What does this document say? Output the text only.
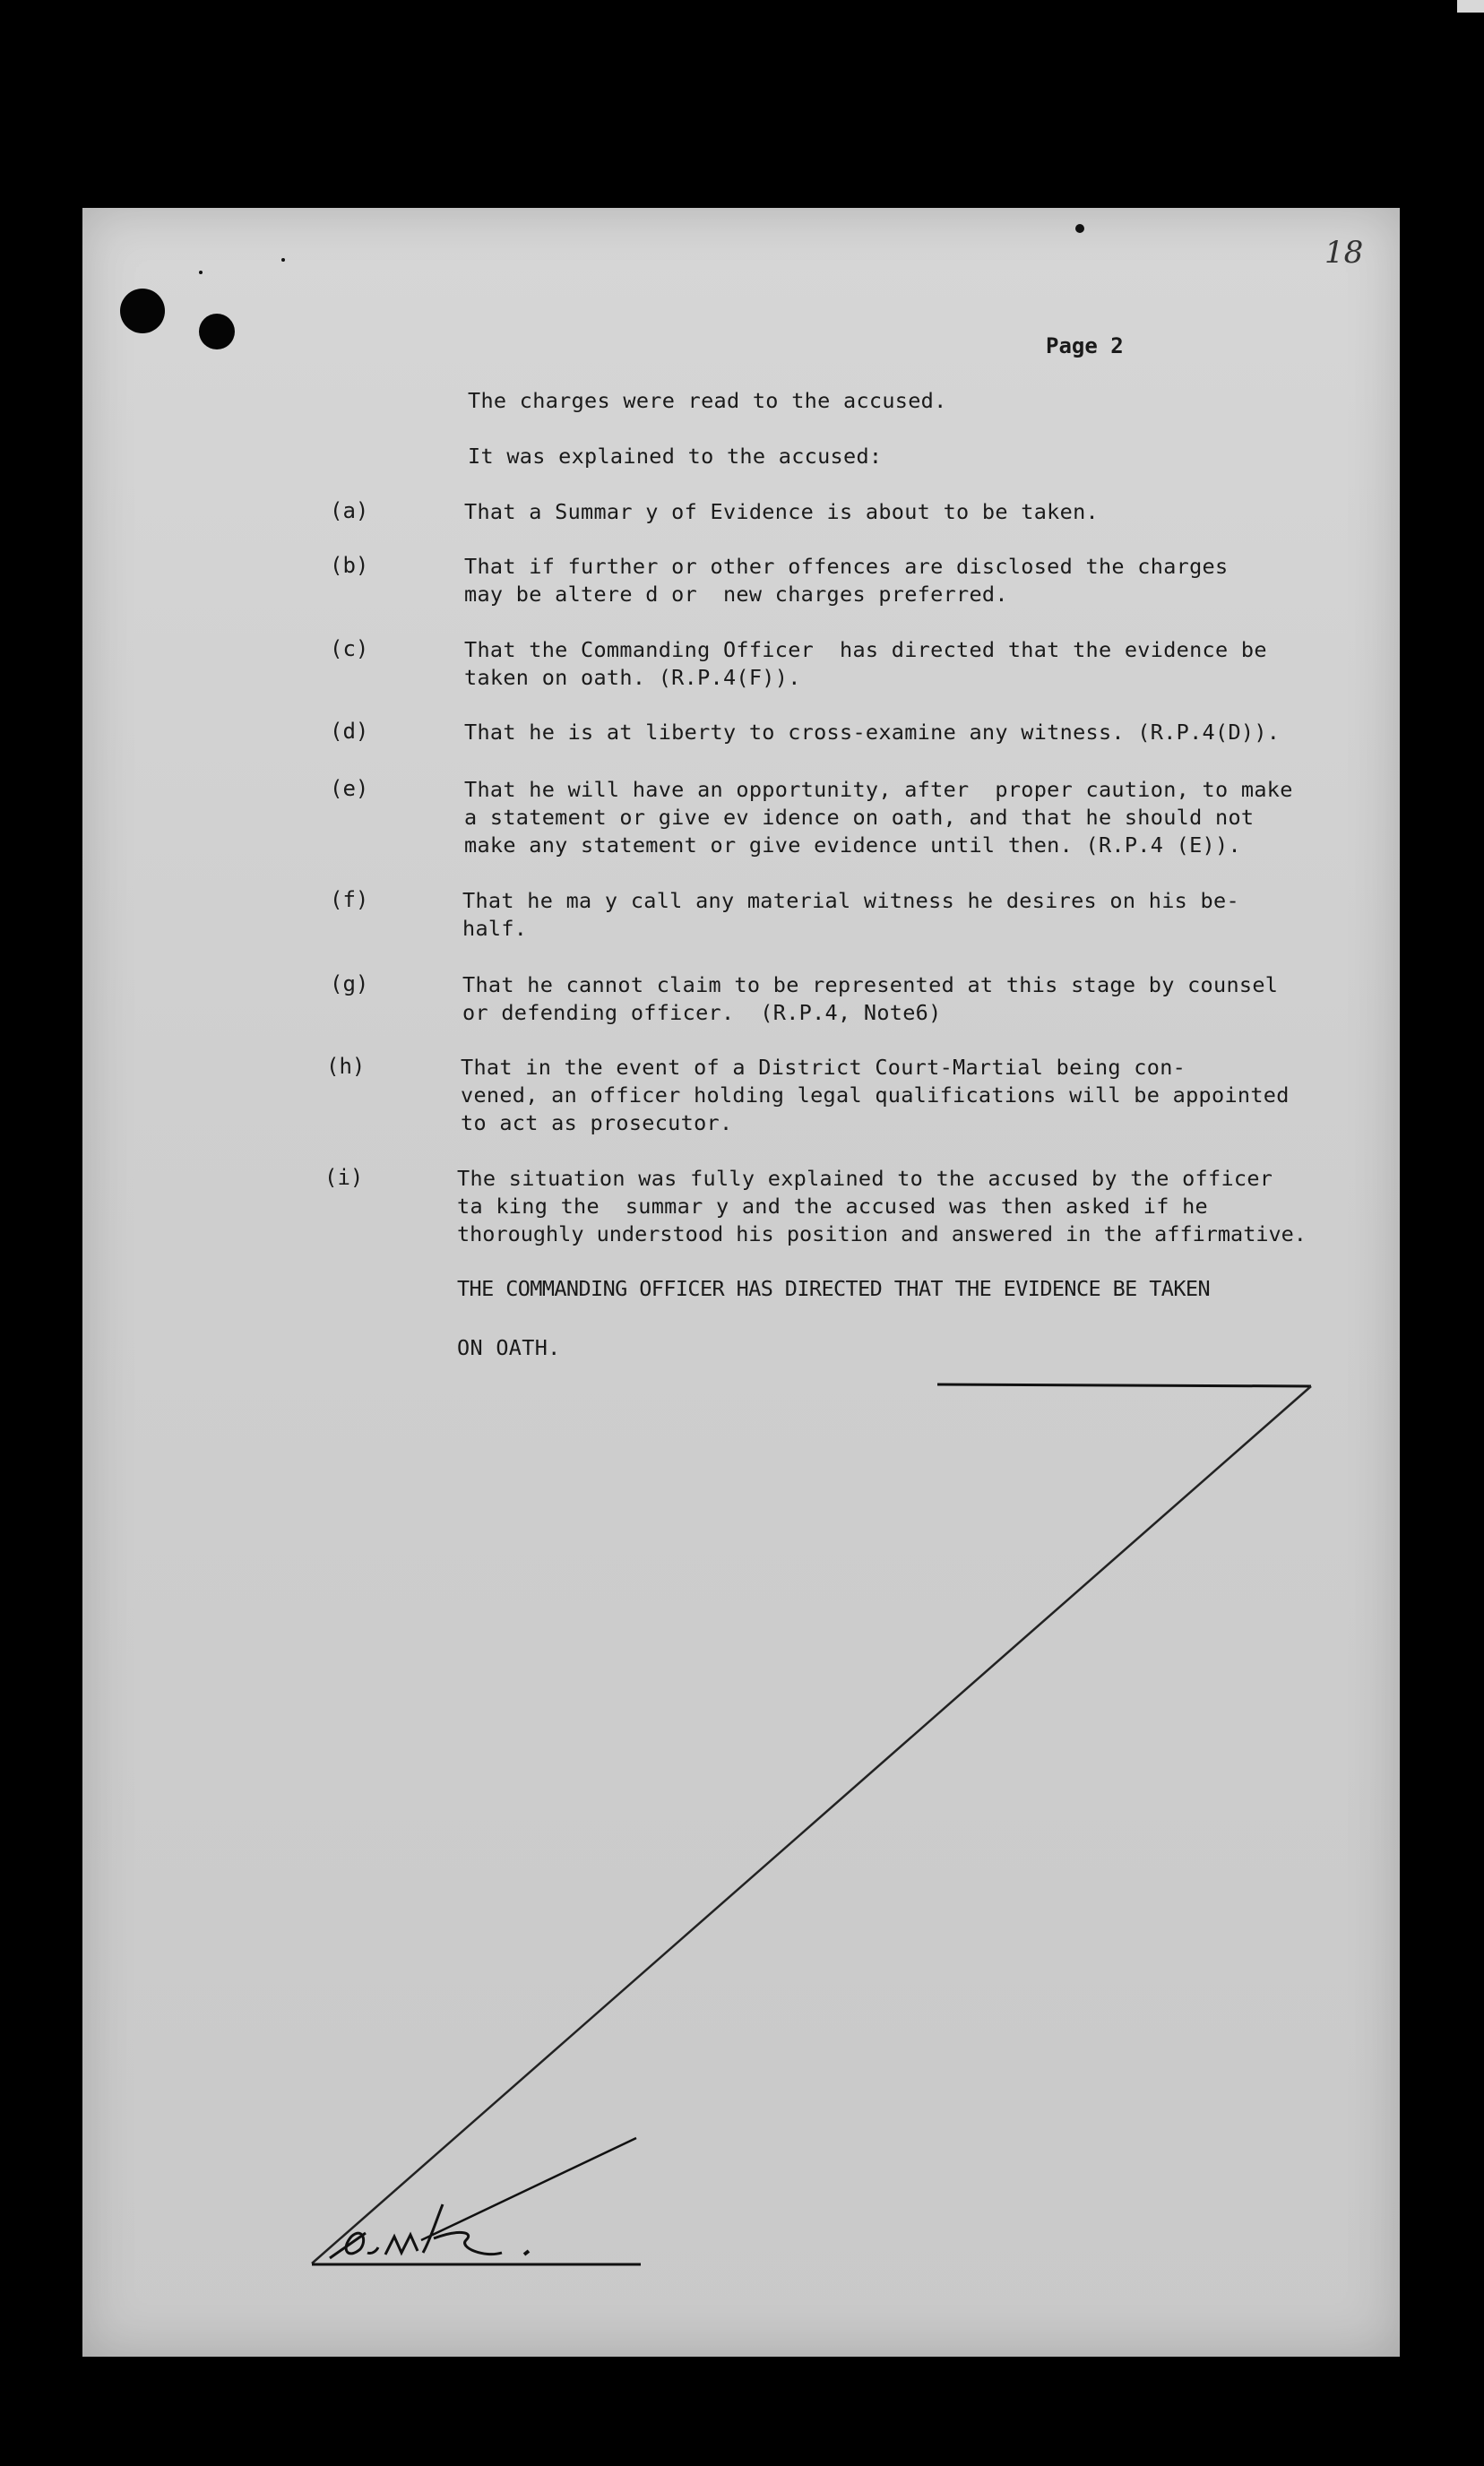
18
Page 2
The charges were read to the accused.
It was explained to the accused:
(a)	That a Summar y of Evidence is about to be taken.
(b)	That if further or other offences are disclosed the charges
may be altere d or  new charges preferred.
(c)	That the Commanding Officer  has directed that the evidence be
taken on oath. (R.P.4(F)).
(d)	That he is at liberty to cross-examine any witness. (R.P.4(D)).
(e)	That he will have an opportunity, after  proper caution, to make
a statement or give ev idence on oath, and that he should not
make any statement or give evidence until then. (R.P.4 (E)).
(f)	That he ma y call any material witness he desires on his be-
half.
(g)	That he cannot claim to be represented at this stage by counsel
or defending officer.  (R.P.4, Note6)
(h)	That in the event of a District Court-Martial being con-
vened, an officer holding legal qualifications will be appointed
to act as prosecutor.
(i)	The situation was fully explained to the accused by the officer
ta king the  summar y and the accused was then asked if he
thoroughly understood his position and answered in the affirmative.
THE COMMANDING OFFICER HAS DIRECTED THAT THE EVIDENCE BE TAKEN
ON OATH.
